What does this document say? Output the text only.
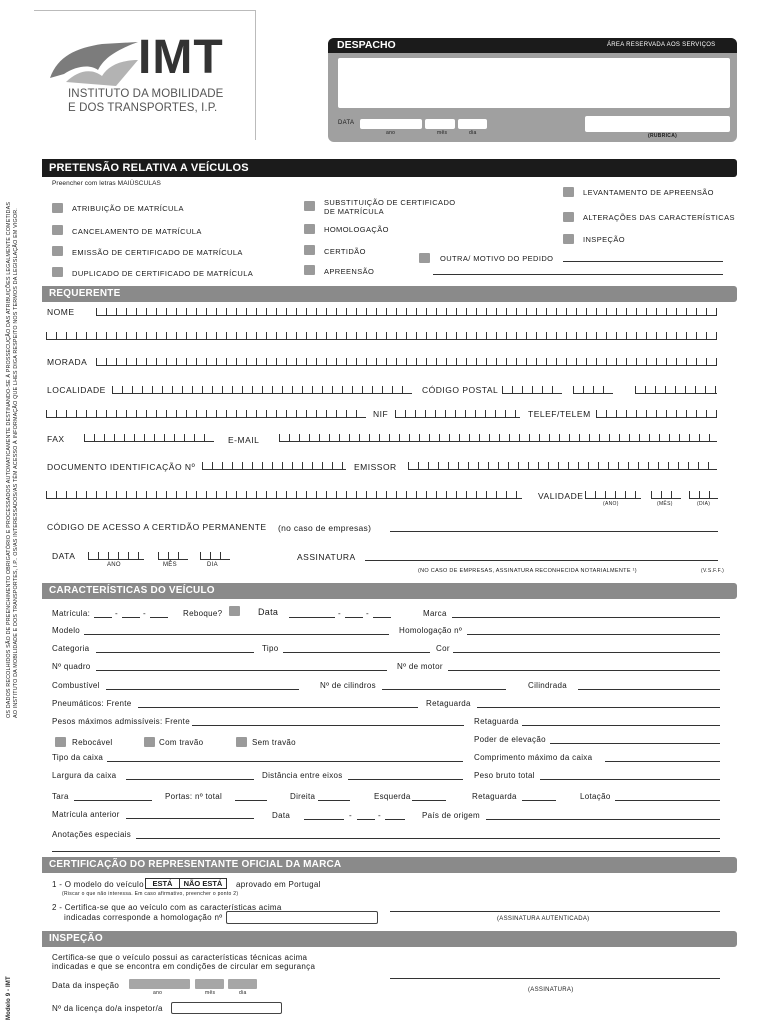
OS DADOS RECOLHIDOS SÃO DE PREENCHIMENTO OBRIGATÓRIO E PROCESSADOS AUTOMATICAMENTE DESTINANDO-SE À PROSSECUÇÃO DAS ATRIBUIÇÕES LEGALMENTE COMETIDAS AO INSTITUTO DA MOBILIDADE E DOS TRANSPORTES, I.P.. OS/AS INTERESSADOS/AS TÊM ACESSO À INFORMAÇÃO QUE LHES DIGA RESPEITO NOS TERMOS DA LEGISLAÇÃO EM VIGOR.
Modelo 9 - IMT
IMT
INSTITUTO DA MOBILIDADE
E DOS TRANSPORTES, I.P.
DESPACHO	ÁREA RESERVADA AOS SERVIÇOS
DATA
ano	mês	dia	(RUBRICA)
PRETENSÃO RELATIVA A VEÍCULOS
Preencher com letras MAIÚSCULAS
ATRIBUIÇÃO DE MATRÍCULA
CANCELAMENTO DE MATRÍCULA
EMISSÃO DE CERTIFICADO DE MATRÍCULA
DUPLICADO DE CERTIFICADO DE MATRÍCULA
SUBSTITUIÇÃO DE CERTIFICADO
DE MATRÍCULA
HOMOLOGAÇÃO
CERTIDÃO
APREENSÃO
LEVANTAMENTO DE APREENSÃO
ALTERAÇÕES DAS CARACTERÍSTICAS
INSPEÇÃO
OUTRA/ MOTIVO DO PEDIDO
REQUERENTE
NOME
MORADA
LOCALIDADE	CÓDIGO POSTAL
NIF	TELEF/TELEM
FAX	E-MAIL
DOCUMENTO IDENTIFICAÇÃO Nº	EMISSOR
VALIDADE
(ANO)	(MÊS)	(DIA)
CÓDIGO DE ACESSO A CERTIDÃO PERMANENTE (no caso de empresas)
DATA
ANO	MÊS	DIA
ASSINATURA
(NO CASO DE EMPRESAS, ASSINATURA RECONHECIDA NOTARIALMENTE ¹)	(V.S.F.F.)
CARACTERÍSTICAS DO VEÍCULO
Matrícula:	-	-	Reboque?	Data	-	-	Marca
Modelo	Homologação nº
Categoria	Tipo	Cor
Nº quadro	Nº de motor
Combustível	Nº de cilindros	Cilindrada
Pneumáticos: Frente	Retaguarda
Pesos máximos admissíveis: Frente	Retaguarda
Rebocável	Com travão	Sem travão	Poder de elevação
Tipo da caixa	Comprimento máximo da caixa
Largura da caixa	Distância entre eixos	Peso bruto total
Tara	Portas: nº total	Direita	Esquerda	Retaguarda	Lotação
Matrícula anterior	Data	-	-	País de origem
Anotações especiais
CERTIFICAÇÃO DO REPRESENTANTE OFICIAL DA MARCA
1 - O modelo do veículo	ESTÁ	NÃO ESTÁ	aprovado em Portugal
(Riscar o que não interessa. Em caso afirmativo, preencher o ponto 2)
2 - Certifica-se que ao veículo com as características acima
indicadas corresponde a homologação nº	(ASSINATURA AUTENTICADA)
INSPEÇÃO
Certifica-se que o veículo possui as características técnicas acima
indicadas e que se encontra em condições de circular em segurança
Data da inspeção
ano	mês	dia	(ASSINATURA)
Nº da licença do/a inspetor/a
